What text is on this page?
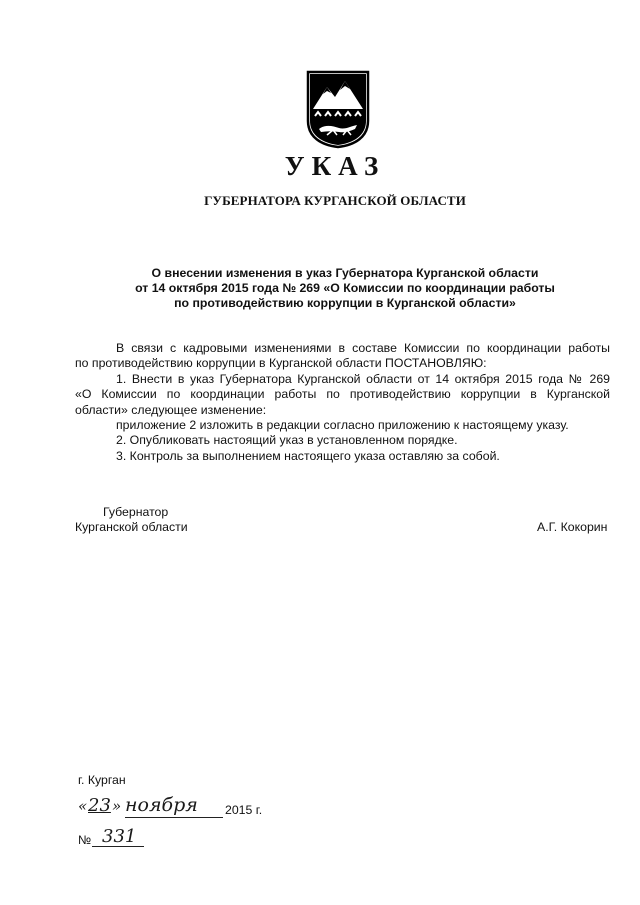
УКАЗ
ГУБЕРНАТОРА КУРГАНСКОЙ ОБЛАСТИ
О внесении изменения в указ Губернатора Курганской области
от 14 октября 2015 года № 269 «О Комиссии по координации работы
по противодействию коррупции в Курганской области»
В связи с кадровыми изменениями в составе Комиссии по координации работы
по противодействию коррупции в Курганской области ПОСТАНОВЛЯЮ:
1. Внести в указ Губернатора Курганской области от 14 октября 2015 года № 269
«О Комиссии по координации работы по противодействию коррупции в Курганской
области» следующее изменение:
приложение 2 изложить в редакции согласно приложению к настоящему указу.
2. Опубликовать настоящий указ в установленном порядке.
3. Контроль за выполнением настоящего указа оставляю за собой.
Губернатор
Курганской области	А.Г. Кокорин
г. Курган
« 23 » ноября 2015 г.
№ 331
